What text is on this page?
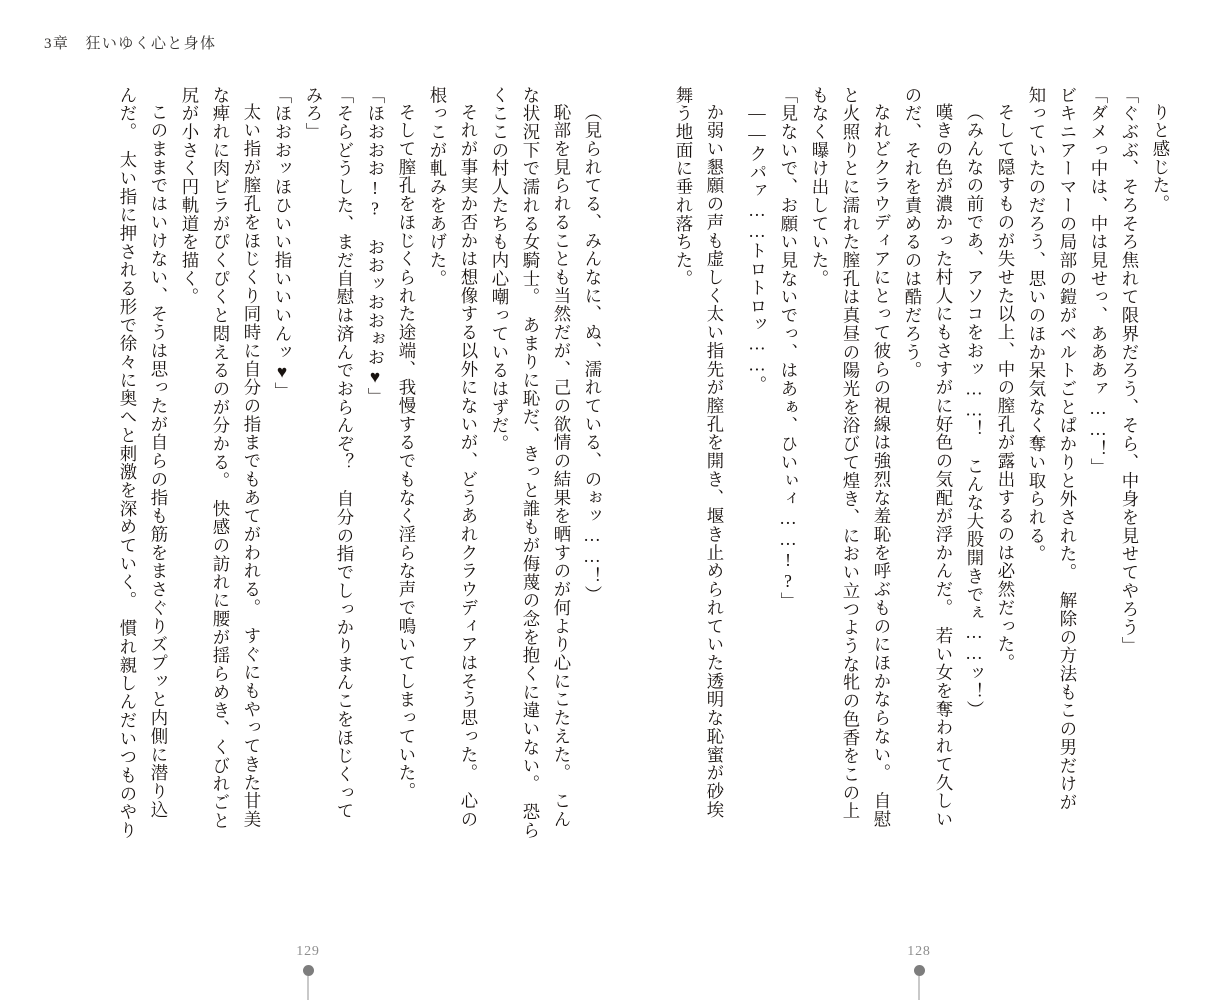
3章　狂いゆく心と身体
りと感じた。
「ぐぶぶ、そろそろ焦れて限界だろう、そら、中身を見せてやろう」
「ダメっ中は、中は見せっ、あああァ……！」
ビキニアーマーの局部の鎧がベルトごとぱかりと外された。　解除の方法もこの男だけが
知っていたのだろう、思いのほか呆気なく奪い取られる。
そして隠すものが失せた以上、中の膣孔が露出するのは必然だった。
（みんなの前であ、アソコをおッ……！　こんな大股開きでぇ……ッ！）
嘆きの色が濃かった村人にもさすがに好色の気配が浮かんだ。　若い女を奪われて久しい
のだ、それを責めるのは酷だろう。
なれどクラウディアにとって彼らの視線は強烈な羞恥を呼ぶものにほかならない。　自慰
と火照りとに濡れた膣孔は真昼の陽光を浴びて煌き、におい立つような牝の色香をこの上
もなく曝け出していた。
「見ないで、お願い見ないでっ、はあぁ、ひいぃィ……!?」
――クパァ……トロトロッ……。
か弱い懇願の声も虚しく太い指先が膣孔を開き、堰き止められていた透明な恥蜜が砂埃
舞う地面に垂れ落ちた。
（見られてる、みんなに、ぬ、濡れている、のぉッ……！）
恥部を見られることも当然だが、己の欲情の結果を晒すのが何より心にこたえた。　こん
な状況下で濡れる女騎士。　あまりに恥だ、きっと誰もが侮蔑の念を抱くに違いない。　恐ら
くここの村人たちも内心嘲っているはずだ。
それが事実か否かは想像する以外にないが、どうあれクラウディアはそう思った。　心の
根っこが軋みをあげた。
そして膣孔をほじくられた途端、我慢するでもなく淫らな声で鳴いてしまっていた。
「ほおおお!?　おおッおおぉお♥」
「そらどうした、まだ自慰は済んでおらんぞ？　自分の指でしっかりまんこをほじくって
みろ」
「ほおおッほひいい指いいいんッ♥」
太い指が膣孔をほじくり同時に自分の指までもあてがわれる。　すぐにもやってきた甘美
な痺れに肉ビラがぴくぴくと悶えるのが分かる。　快感の訪れに腰が揺らめき、くびれごと
尻が小さく円軌道を描く。
このままではいけない、そうは思ったが自らの指も筋をまさぐりズプッと内側に潜り込
んだ。　太い指に押される形で徐々に奥へと刺激を深めていく。　慣れ親しんだいつものやり
129	128
